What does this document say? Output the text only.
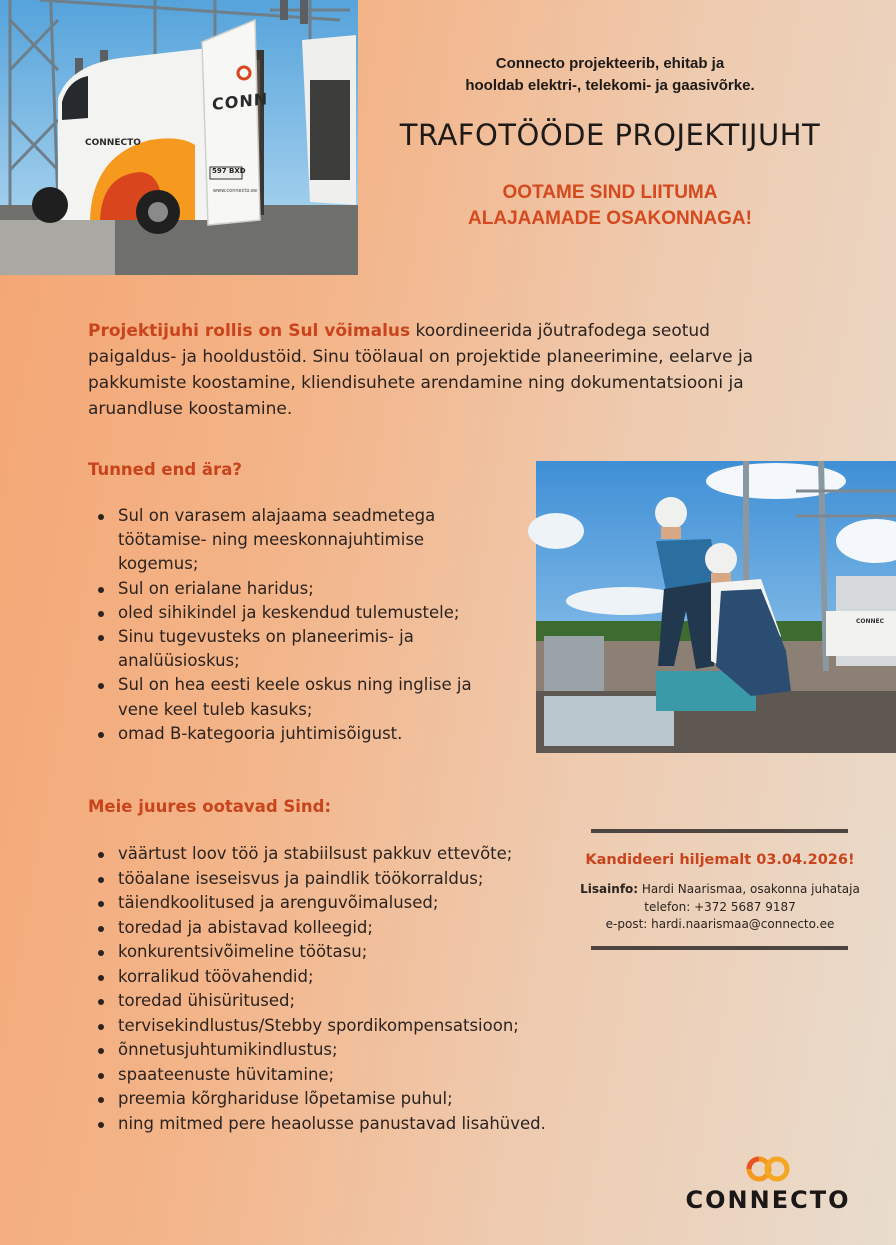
CONNECTO
CONN
597 BXD
www.connecto.ee
Connecto projekteerib, ehitab ja
hooldab elektri-, telekomi- ja gaasivõrke.
TRAFOTÖÖDE PROJEKTIJUHT
OOTAME SIND LIITUMA
ALAJAAMADE OSAKONNAGA!
Projektijuhi rollis on Sul võimalus koordineerida jõutrafodega seotud paigaldus- ja hooldustöid. Sinu töölaual on projektide planeerimine, eelarve ja pakkumiste koostamine, kliendisuhete arendamine ning dokumentatsiooni ja aruandluse koostamine.
Tunned end ära?
Sul on varasem alajaama seadmetega töötamise- ning meeskonnajuhtimise kogemus;
Sul on erialane haridus;
oled sihikindel ja keskendud tulemustele;
Sinu tugevusteks on planeerimis- ja analüüsioskus;
Sul on hea eesti keele oskus ning inglise ja vene keel tuleb kasuks;
omad B-kategooria juhtimisõigust.
CONNEC
Meie juures ootavad Sind:
väärtust loov töö ja stabiilsust pakkuv ettevõte;
tööalane iseseisvus ja paindlik töökorraldus;
täiendkoolitused ja arenguvõimalused;
toredad ja abistavad kolleegid;
konkurentsivõimeline töötasu;
korralikud töövahendid;
toredad ühisüritused;
tervisekindlustus/Stebby spordikompensatsioon;
õnnetusjuhtumikindlustus;
spaateenuste hüvitamine;
preemia kõrghariduse lõpetamise puhul;
ning mitmed pere heaolusse panustavad lisahüved.
Kandideeri hiljemalt 03.04.2026!
Lisainfo: Hardi Naarismaa, osakonna juhataja
telefon: +372 5687 9187
e-post: hardi.naarismaa@connecto.ee
CONNECTO
